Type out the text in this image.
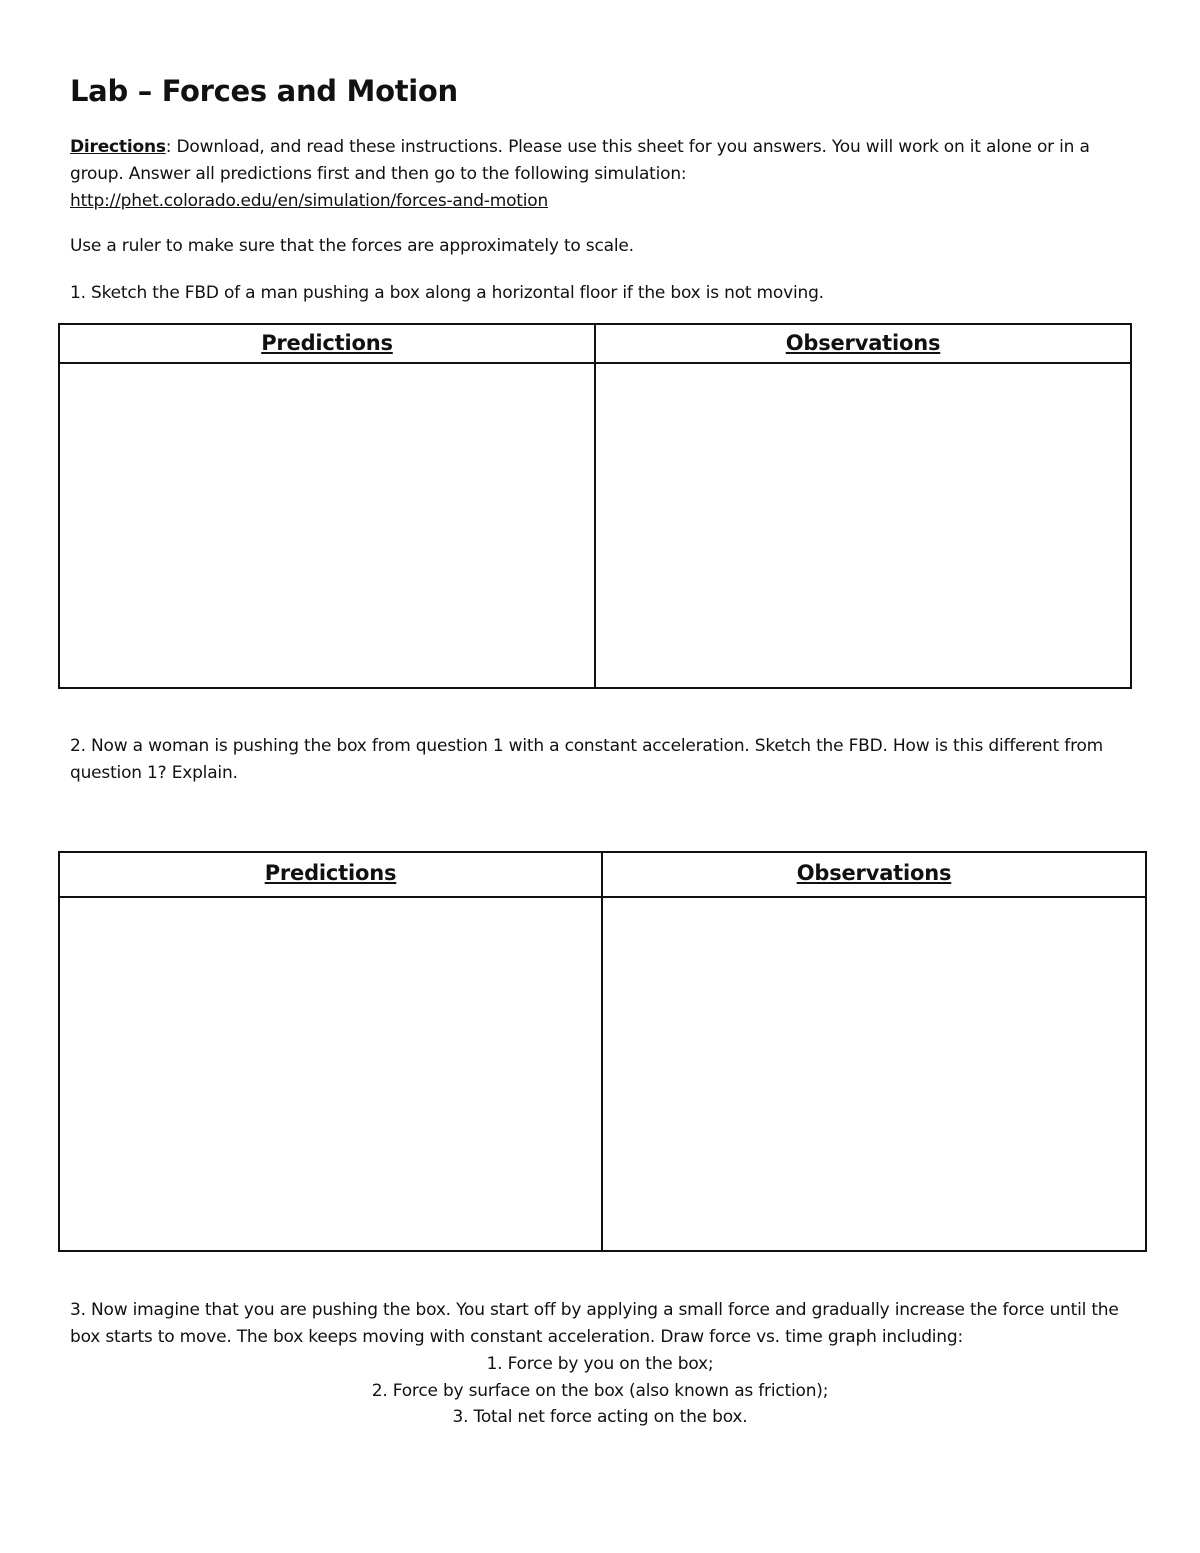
Lab – Forces and Motion
Directions: Download, and read these instructions. Please use this sheet for you answers. You will work on it alone or in a group. Answer all predictions first and then go to the following simulation:
http://phet.colorado.edu/en/simulation/forces-and-motion
Use a ruler to make sure that the forces are approximately to scale.
1. Sketch the FBD of a man pushing a box along a horizontal floor if the box is not moving.
Predictions	Observations
2. Now a woman is pushing the box from question 1 with a constant acceleration. Sketch the FBD. How is this different from question 1? Explain.
Predictions	Observations
3. Now imagine that you are pushing the box. You start off by applying a small force and gradually increase the force until the box starts to move. The box keeps moving with constant acceleration. Draw force vs. time graph including:
1. Force by you on the box;
2. Force by surface on the box (also known as friction);
3. Total net force acting on the box.
